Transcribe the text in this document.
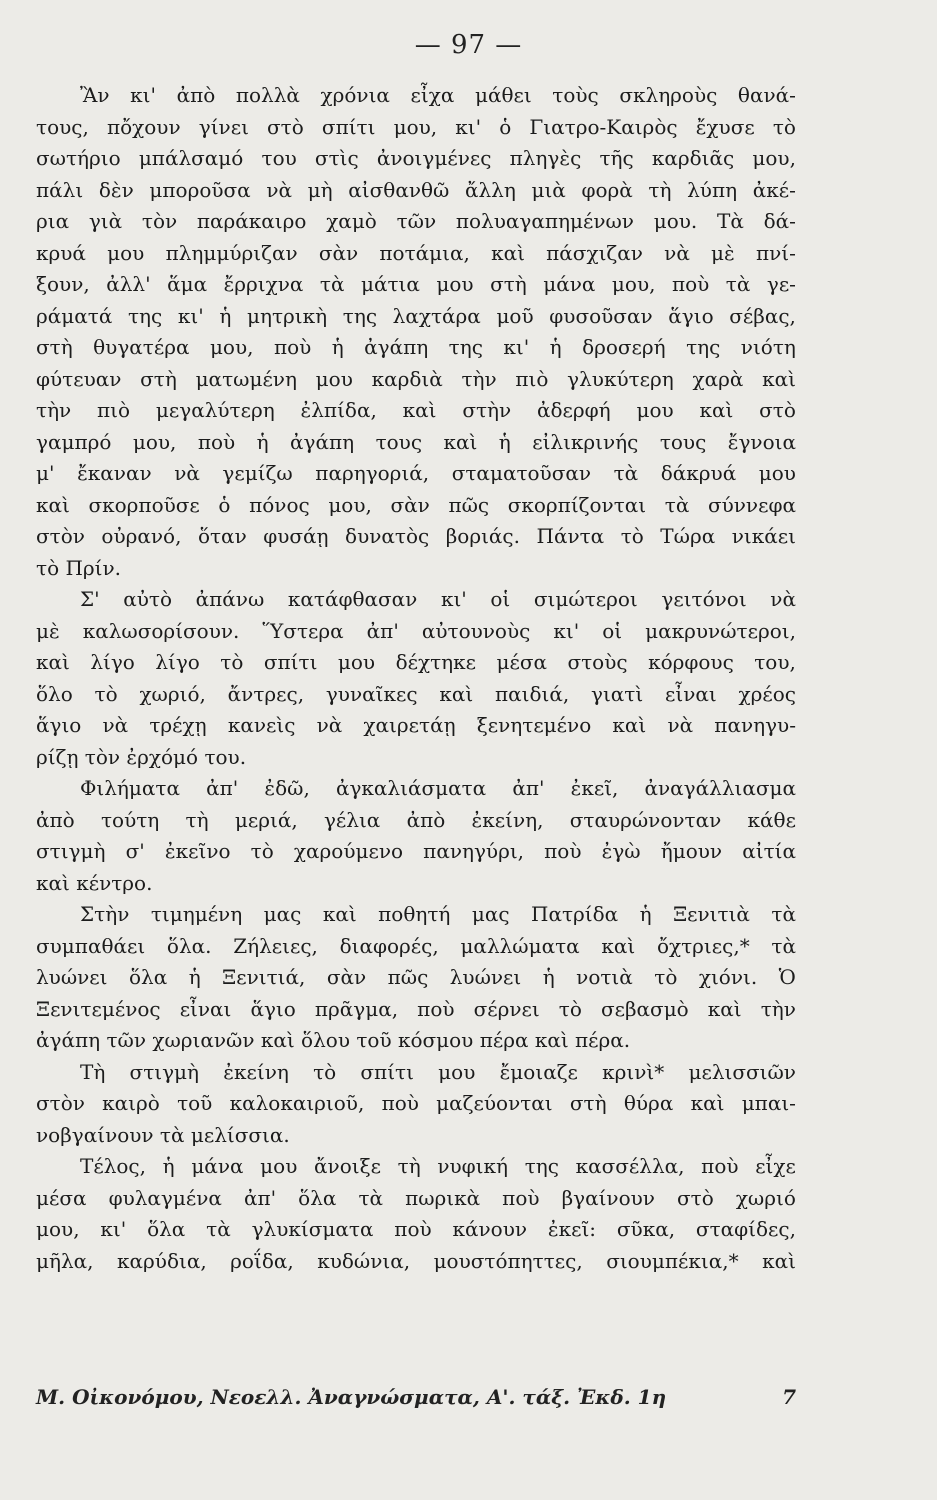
— 97 —
Ἂν κι' ἀπὸ πολλὰ χρόνια εἶχα μάθει τοὺς σκληροὺς θανά-
τους, πὄχουν γίνει στὸ σπίτι μου, κι' ὁ Γιατρο-Καιρὸς ἔχυσε τὸ
σωτήριο μπάλσαμό του στὶς ἀνοιγμένες πληγὲς τῆς καρδιᾶς μου,
πάλι δὲν μποροῦσα νὰ μὴ αἰσθανθῶ ἄλλη μιὰ φορὰ τὴ λύπη ἀκέ-
ρια γιὰ τὸν παράκαιρο χαμὸ τῶν πολυαγαπημένων μου. Τὰ δά-
κρυά μου πλημμύριζαν σὰν ποτάμια, καὶ πάσχιζαν νὰ μὲ πνί-
ξουν, ἀλλ' ἅμα ἔρριχνα τὰ μάτια μου στὴ μάνα μου, ποὺ τὰ γε-
ράματά της κι' ἡ μητρικὴ της λαχτάρα μοῦ φυσοῦσαν ἅγιο σέβας,
στὴ θυγατέρα μου, ποὺ ἡ ἀγάπη της κι' ἡ δροσερή της νιότη
φύτευαν στὴ ματωμένη μου καρδιὰ τὴν πιὸ γλυκύτερη χαρὰ καὶ
τὴν πιὸ μεγαλύτερη ἐλπίδα, καὶ στὴν ἀδερφή μου καὶ στὸ
γαμπρό μου, ποὺ ἡ ἀγάπη τους καὶ ἡ εἰλικρινής τους ἔγνοια
μ' ἔκαναν νὰ γεμίζω παρηγοριά, σταματοῦσαν τὰ δάκρυά μου
καὶ σκορποῦσε ὁ πόνος μου, σὰν πῶς σκορπίζονται τὰ σύννεφα
στὸν οὐρανό, ὅταν φυσάῃ δυνατὸς βοριάς. Πάντα τὸ Τώρα νικάει
τὸ Πρίν.
Σ' αὐτὸ ἀπάνω κατάφθασαν κι' οἱ σιμώτεροι γειτόνοι νὰ
μὲ καλωσορίσουν. Ὕστερα ἀπ' αὐτουνοὺς κι' οἱ μακρυνώτεροι,
καὶ λίγο λίγο τὸ σπίτι μου δέχτηκε μέσα στοὺς κόρφους του,
ὅλο τὸ χωριό, ἄντρες, γυναῖκες καὶ παιδιά, γιατὶ εἶναι χρέος
ἅγιο νὰ τρέχῃ κανεὶς νὰ χαιρετάῃ ξενητεμένο καὶ νὰ πανηγυ-
ρίζῃ τὸν ἐρχόμό του.
Φιλήματα ἀπ' ἐδῶ, ἀγκαλιάσματα ἀπ' ἐκεῖ, ἀναγάλλιασμα
ἀπὸ τούτη τὴ μεριά, γέλια ἀπὸ ἐκείνη, σταυρώνονταν κάθε
στιγμὴ σ' ἐκεῖνο τὸ χαρούμενο πανηγύρι, ποὺ ἐγὼ ἤμουν αἰτία
καὶ κέντρο.
Στὴν τιμημένη μας καὶ ποθητή μας Πατρίδα ἡ Ξενιτιὰ τὰ
συμπαθάει ὅλα. Ζήλειες, διαφορές, μαλλώματα καὶ ὄχτριες,* τὰ
λυώνει ὅλα ἡ Ξενιτιά, σὰν πῶς λυώνει ἡ νοτιὰ τὸ χιόνι. Ὁ
Ξενιτεμένος εἶναι ἅγιο πρᾶγμα, ποὺ σέρνει τὸ σεβασμὸ καὶ τὴν
ἀγάπη τῶν χωριανῶν καὶ ὅλου τοῦ κόσμου πέρα καὶ πέρα.
Τὴ στιγμὴ ἐκείνη τὸ σπίτι μου ἔμοιαζε κρινὶ* μελισσιῶν
στὸν καιρὸ τοῦ καλοκαιριοῦ, ποὺ μαζεύονται στὴ θύρα καὶ μπαι-
νοβγαίνουν τὰ μελίσσια.
Τέλος, ἡ μάνα μου ἄνοιξε τὴ νυφική της κασσέλλα, ποὺ εἶχε
μέσα φυλαγμένα ἀπ' ὅλα τὰ πωρικὰ ποὺ βγαίνουν στὸ χωριό
μου, κι' ὅλα τὰ γλυκίσματα ποὺ κάνουν ἐκεῖ: σῦκα, σταφίδες,
μῆλα, καρύδια, ροΐδα, κυδώνια, μουστόπηττες, σιουμπέκια,* καὶ
Μ. Οἰκονόμου, Νεοελλ. Ἀναγνώσματα, Α'. τάξ. Ἐκδ. 1η	7
